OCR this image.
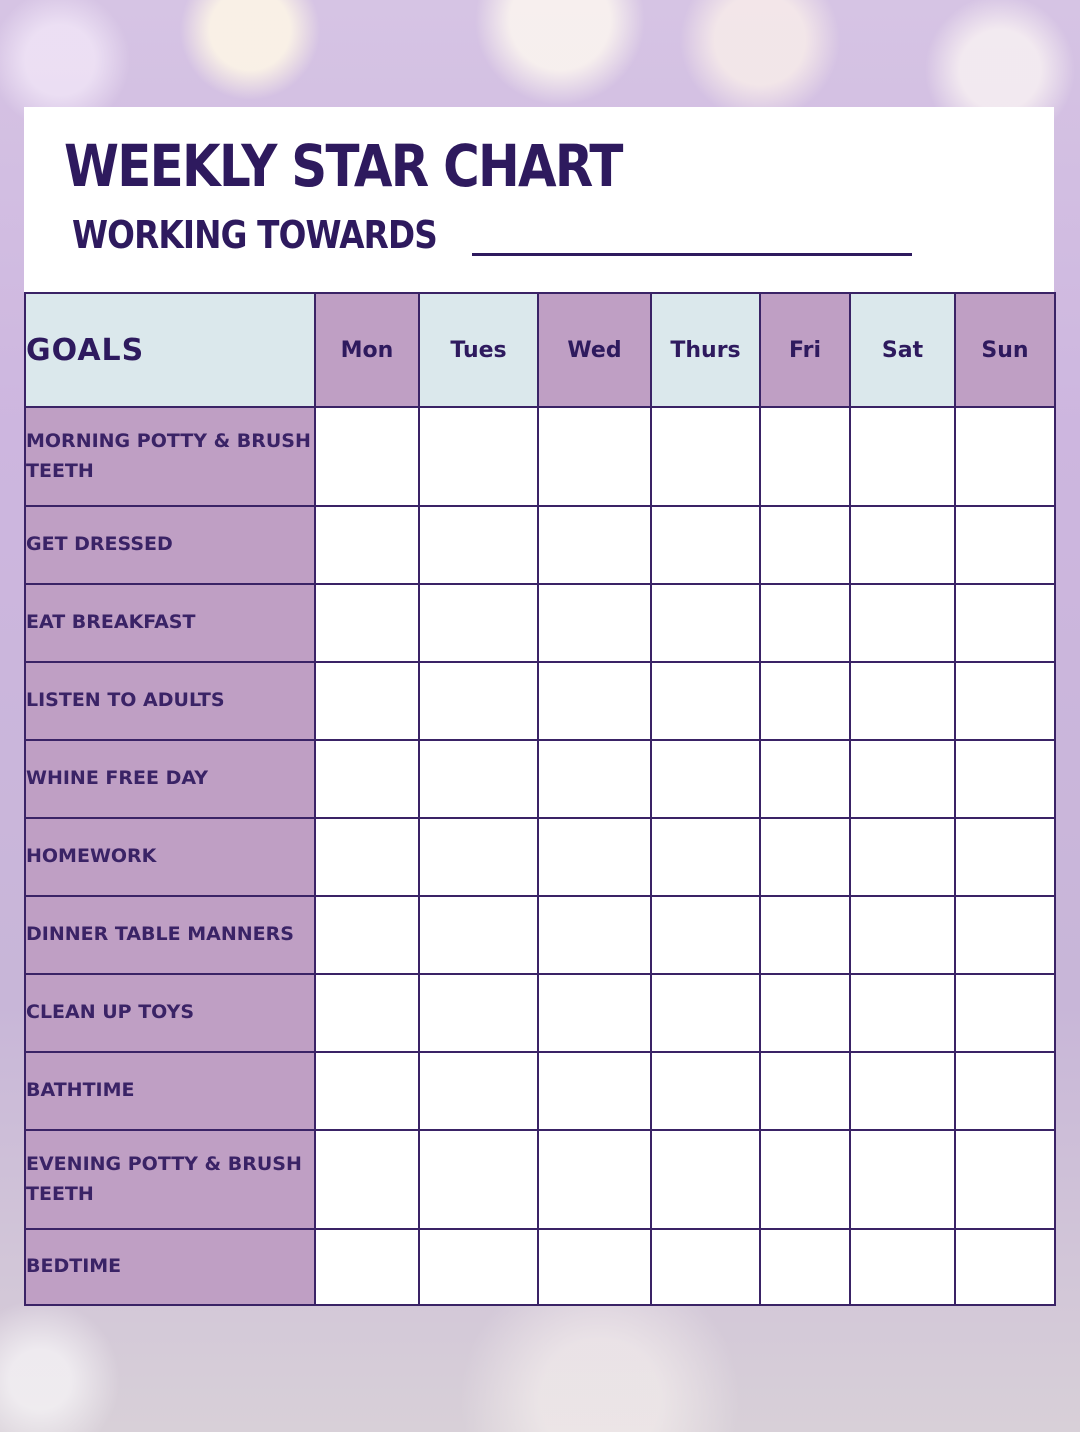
WEEKLY STAR CHART
WORKING TOWARDS
GOALS	Mon	Tues	Wed	Thurs	Fri	Sat	Sun
MORNING POTTY & BRUSH TEETH							
GET DRESSED							
EAT BREAKFAST							
LISTEN TO ADULTS							
WHINE FREE DAY							
HOMEWORK							
DINNER TABLE MANNERS							
CLEAN UP TOYS							
BATHTIME							
EVENING POTTY & BRUSH TEETH							
BEDTIME							
